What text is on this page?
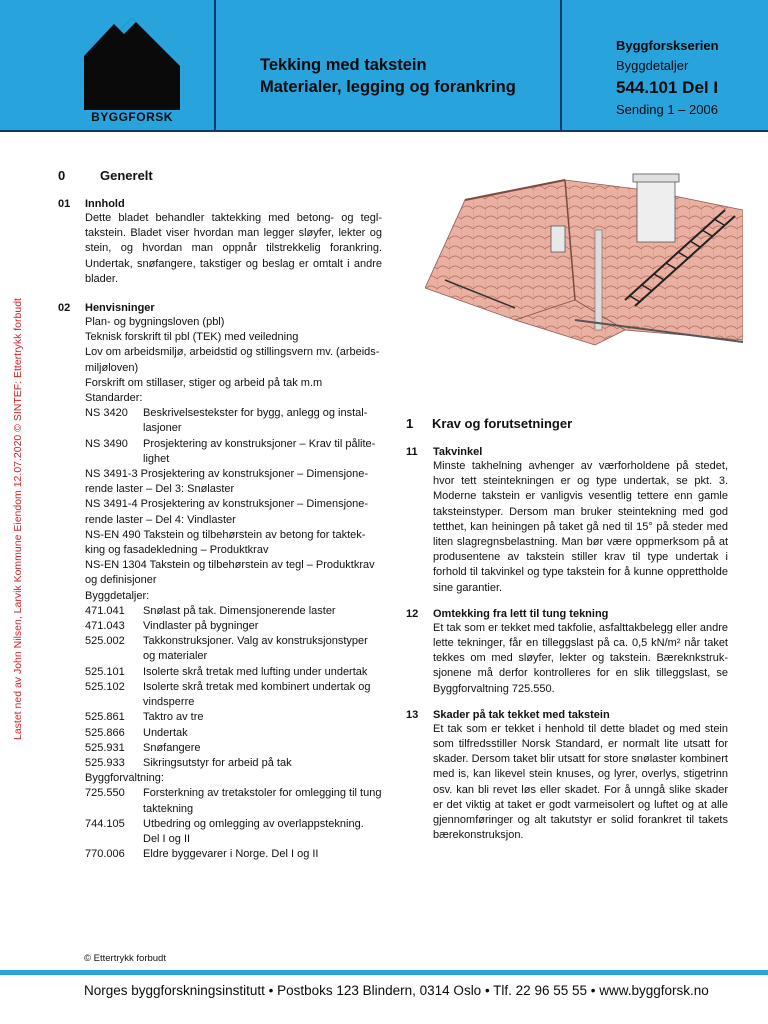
BYGGFORSK
Tekking med takstein
Materialer, legging og forankring
Byggforskserien
Byggdetaljer
544.101 Del I
Sending 1 – 2006
Lastet ned av John Nilsen, Larvik Kommune Eiendom 12.07.2020 © SINTEF: Ettertrykk forbudt
0	Generelt
01 Innhold
Dette bladet behandler taktekking med betong- og tegl-takstein. Bladet viser hvordan man legger sløyfer, lekter og stein, og hvordan man oppnår tilstrekkelig forankring. Undertak, snøfangere, takstiger og beslag er omtalt i andre blader.
02 Henvisninger
Plan- og bygningsloven (pbl)
Teknisk forskrift til pbl (TEK) med veiledning
Lov om arbeidsmiljø, arbeidstid og stillingsvern mv. (arbeids-
miljøloven)
Forskrift om stillaser, stiger og arbeid på tak m.m
Standarder:
NS 3420	Beskrivelsestekster for bygg, anlegg og instal-lasjoner
NS 3490	Prosjektering av konstruksjoner – Krav til pålite-lighet
NS 3491-3 Prosjektering av konstruksjoner – Dimensjone-rende laster – Del 3: Snølaster
NS 3491-4 Prosjektering av konstruksjoner – Dimensjone-rende laster – Del 4: Vindlaster
NS-EN 490 Takstein og tilbehørstein av betong for taktek-king og fasadekledning – Produktkrav
NS-EN 1304 Takstein og tilbehørstein av tegl – Produktkrav og definisjoner
Byggdetaljer:
471.041	Snølast på tak. Dimensjonerende laster
471.043	Vindlaster på bygninger
525.002	Takkonstruksjoner. Valg av konstruksjonstyper og materialer
525.101	Isolerte skrå tretak med lufting under undertak
525.102	Isolerte skrå tretak med kombinert undertak og vindsperre
525.861	Taktro av tre
525.866	Undertak
525.931	Snøfangere
525.933	Sikringsutstyr for arbeid på tak
Byggforvaltning:
725.550	Forsterkning av tretakstoler for omlegging til tung taktekning
744.105	Utbedring og omlegging av overlappstekning. Del I og II
770.006	Eldre byggevarer i Norge. Del I og II
1 Krav og forutsetninger
11 Takvinkel
Minste takhelning avhenger av værforholdene på stedet, hvor tett steintekningen er og type undertak, se pkt. 3. Moderne takstein er vanligvis vesentlig tettere enn gamle taksteinstyper. Dersom man bruker steintekning med god tetthet, kan heiningen på taket gå ned til 15° på steder med liten slagregnsbelastning. Man bør være oppmerksom på at produsentene av takstein stiller krav til type undertak i forhold til takvinkel og type takstein for å kunne opprettholde sine garantier.
12 Omtekking fra lett til tung tekning
Et tak som er tekket med takfolie, asfalttakbelegg eller andre lette tekninger, får en tilleggslast på ca. 0,5 kN/m² når taket tekkes om med sløyfer, lekter og takstein. Bæreknkstruk-sjonene må derfor kontrolleres for en slik tilleggslast, se Byggforvaltning 725.550.
13 Skader på tak tekket med takstein
Et tak som er tekket i henhold til dette bladet og med stein som tilfredsstiller Norsk Standard, er normalt lite utsatt for skader. Dersom taket blir utsatt for store snølaster kombinert med is, kan likevel stein knuses, og lyrer, overlys, stigetrinn osv. kan bli revet løs eller skadet. For å unngå slike skader er det viktig at taket er godt varmeisolert og luftet og at alle gjennomføringer og alt takutstyr er solid forankret til takets bærekonstruksjon.
© Ettertrykk forbudt
Norges byggforskningsinstitutt • Postboks 123 Blindern, 0314 Oslo • Tlf. 22 96 55 55 • www.byggforsk.no
